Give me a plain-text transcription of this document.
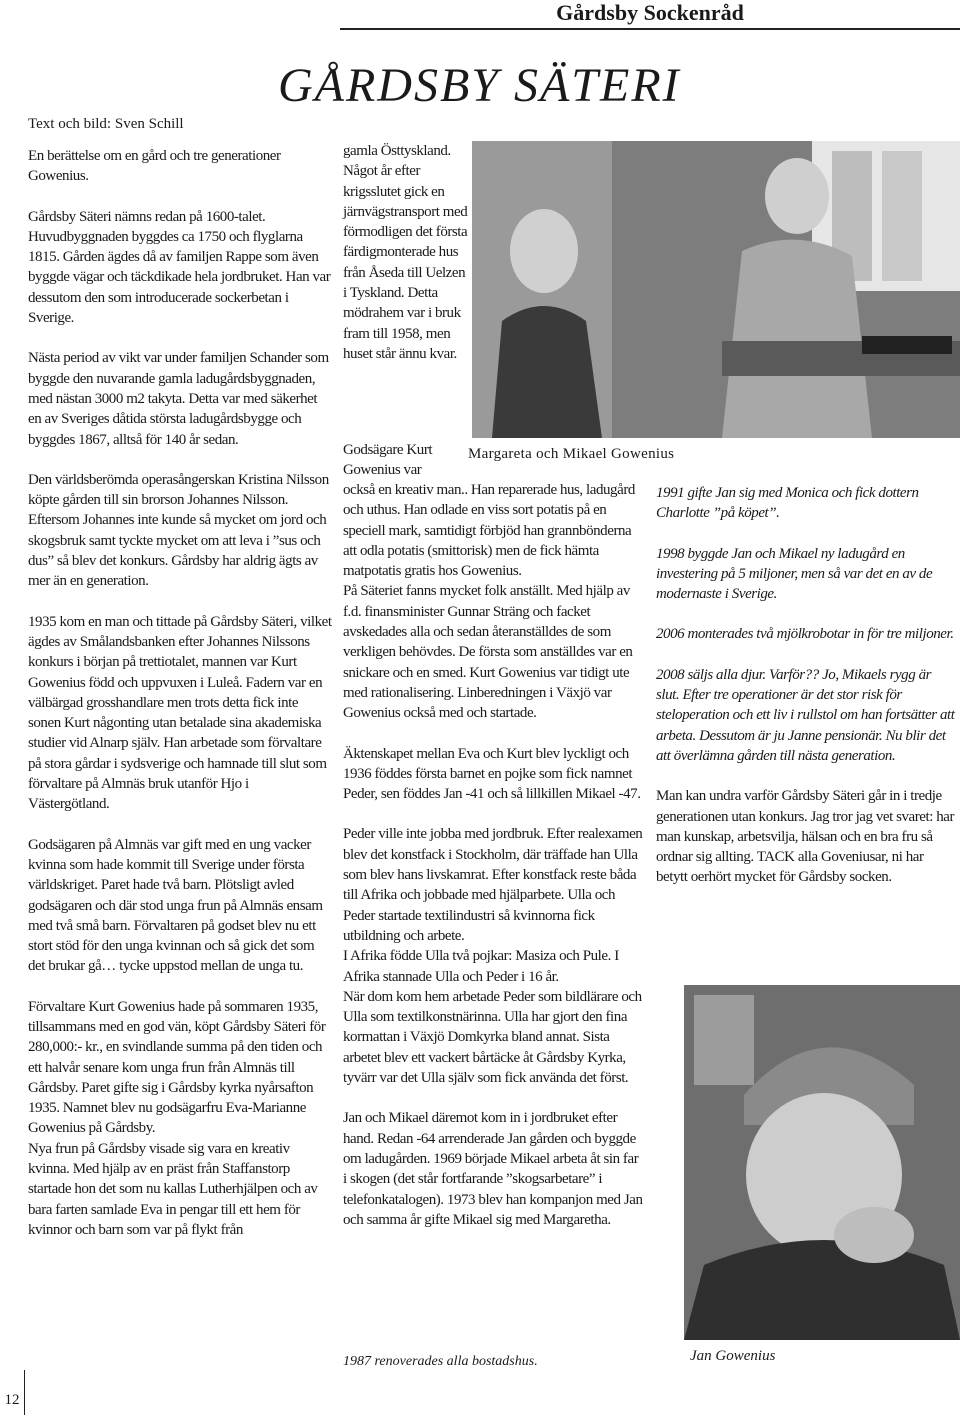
Gårdsby Sockenråd
GÅRDSBY SÄTERI
Text och bild: Sven Schill

En berättelse om en gård och tre generationer Gowenius.

Gårdsby Säteri nämns redan på 1600-talet. Huvudbyggnaden byggdes ca 1750 och flyglarna 1815. Gården ägdes då av familjen Rappe som även byggde vägar och täckdikade hela jordbruket. Han var dessutom den som introducerade sockerbetan i Sverige.

Nästa period av vikt var under familjen Schander som byggde den nuvarande gamla ladugårdsbyggnaden, med nästan 3000 m2 takyta. Detta var med säkerhet en av Sveriges dåtida största ladugårdsbygge och byggdes 1867, alltså för 140 år sedan.

Den världsberömda operasångerskan Kristina Nilsson köpte gården till sin brorson Johannes Nilsson. Eftersom Johannes inte kunde så mycket om jord och skogsbruk samt tyckte mycket om att leva i ”sus och dus” så blev det konkurs. Gårdsby har aldrig ägts av mer än en generation.

1935 kom en man och tittade på Gårdsby Säteri, vilket ägdes av Smålandsbanken efter Johannes Nilssons konkurs i början på trettiotalet, mannen var Kurt Gowenius född och uppvuxen i Luleå. Fadern var en välbärgad grosshandlare men trots detta fick inte sonen Kurt någonting utan betalade sina akademiska studier vid Alnarp själv. Han arbetade som förvaltare på stora gårdar i sydsverige och hamnade till slut som förvaltare på Almnäs bruk utanför Hjo i Västergötland.

Godsägaren på Almnäs var gift med en ung vacker kvinna som hade kommit till Sverige under första världskriget. Paret hade två barn. Plötsligt avled godsägaren och där stod unga frun på Almnäs ensam med två små barn. Förvaltaren på godset blev nu ett stort stöd för den unga kvinnan och så gick det som det brukar gå… tycke uppstod mellan de unga tu.

Förvaltare Kurt Gowenius hade på sommaren 1935, tillsammans med en god vän, köpt Gårdsby Säteri för 280,000:- kr., en svindlande summa på den tiden och ett halvår senare kom unga frun från Almnäs till Gårdsby. Paret gifte sig i Gårdsby kyrka nyårsafton 1935. Namnet blev nu godsägarfru Eva-Marianne Gowenius på Gårdsby.

Nya frun på Gårdsby visade sig vara en kreativ kvinna. Med hjälp av en präst från Staffanstorp startade hon det som nu kallas Lutherhjälpen och av bara farten samlade Eva in pengar till ett hem för kvinnor och barn som var på flykt från

gamla Östtyskland. Något år efter krigsslutet gick en järnvägstransport med förmodligen det första färdigmonterade hus från Åseda till Uelzen i Tyskland. Detta mödrahem var i bruk fram till 1958, men huset står ännu kvar.
Godsägare Kurt Gowenius var
Margareta och Mikael Gowenius

också en kreativ man.. Han reparerade hus, ladugård och uthus. Han odlade en viss sort potatis på en speciell mark, samtidigt förbjöd han grannbönderna att odla potatis (smittorisk) men de fick hämta matpotatis gratis hos Gowenius.

På Säteriet fanns mycket folk anställt. Med hjälp av f.d. finansminister Gunnar Sträng och facket avskedades alla och sedan återanställdes de som verkligen behövdes. De första som anställdes var en snickare och en smed. Kurt Gowenius var tidigt ute med rationalisering. Linberedningen i Växjö var Gowenius också med och startade.

Äktenskapet mellan Eva och Kurt blev lyckligt och 1936 föddes första barnet en pojke som fick namnet Peder, sen föddes Jan -41 och så lillkillen Mikael -47.

Peder ville inte jobba med jordbruk. Efter realexamen blev det konstfack i Stockholm, där träffade han Ulla som blev hans livskamrat. Efter konstfack reste båda till Afrika och jobbade med hjälparbete. Ulla och Peder startade textilindustri så kvinnorna fick utbildning och arbete.

I Afrika födde Ulla två pojkar: Masiza och Pule. I Afrika stannade Ulla och Peder i 16 år.

När dom kom hem arbetade Peder som bildlärare och Ulla som textilkonstnärinna. Ulla har gjort den fina kormattan i Växjö Domkyrka bland annat. Sista arbetet blev ett vackert bårtäcke åt Gårdsby Kyrka, tyvärr var det Ulla själv som fick använda det först.

Jan och Mikael däremot kom in i jordbruket efter hand. Redan -64 arrenderade Jan gården och byggde om ladugården. 1969 började Mikael arbeta åt sin far i skogen (det står fortfarande ”skogsarbetare” i telefonkatalogen). 1973 blev han kompanjon med Jan och samma år gifte Mikael sig med Margaretha.

1987 renoverades alla bostadshus.

1991 gifte Jan sig med Monica och fick dottern Charlotte ”på köpet”.

1998 byggde Jan och Mikael ny ladugård en investering på 5 miljoner, men så var det en av de modernaste i Sverige.

2006 monterades två mjölkrobotar in för tre miljoner.

2008 säljs alla djur. Varför?? Jo, Mikaels rygg är slut. Efter tre operationer är det stor risk för steloperation och ett liv i rullstol om han fortsätter att arbeta. Dessutom är ju Janne pensionär. Nu blir det att överlämna gården till nästa generation.

Man kan undra varför Gårdsby Säteri går in i tredje generationen utan konkurs. Jag tror jag vet svaret: har man kunskap, arbetsvilja, hälsan och en bra fru så ordnar sig allting. TACK alla Goveniusar, ni har betytt oerhört mycket för Gårdsby socken.

Jan Gowenius
12
